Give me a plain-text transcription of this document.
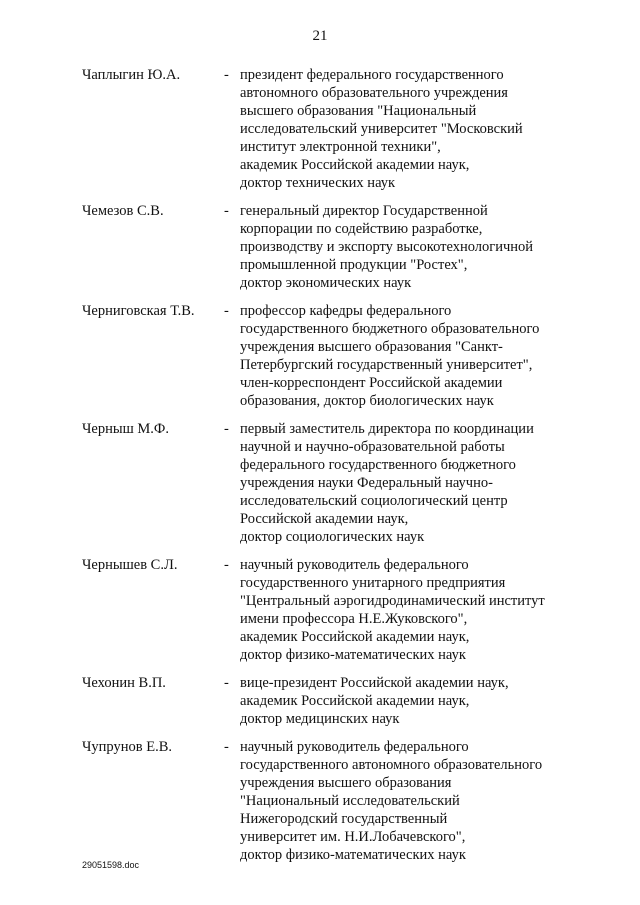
21
Чаплыгин Ю.А.	- президент федерального государственного
автономного образовательного учреждения
высшего образования "Национальный
исследовательский университет "Московский
институт электронной техники",
академик Российской академии наук,
доктор технических наук
Чемезов С.В.	- генеральный директор Государственной
корпорации по содействию разработке,
производству и экспорту высокотехнологичной
промышленной продукции "Ростех",
доктор экономических наук
Черниговская Т.В.	- профессор кафедры федерального
государственного бюджетного образовательного
учреждения высшего образования "Санкт-
Петербургский государственный университет",
член-корреспондент Российской академии
образования, доктор биологических наук
Черныш М.Ф.	- первый заместитель директора по координации
научной и научно-образовательной работы
федерального государственного бюджетного
учреждения науки Федеральный научно-
исследовательский социологический центр
Российской академии наук,
доктор социологических наук
Чернышев С.Л.	- научный руководитель федерального
государственного унитарного предприятия
"Центральный аэрогидродинамический институт
имени профессора Н.Е.Жуковского",
академик Российской академии наук,
доктор физико-математических наук
Чехонин В.П.	- вице-президент Российской академии наук,
академик Российской академии наук,
доктор медицинских наук
Чупрунов Е.В.	- научный руководитель федерального
государственного автономного образовательного
учреждения высшего образования
"Национальный исследовательский
Нижегородский государственный
университет им. Н.И.Лобачевского",
доктор физико-математических наук
29051598.doc
